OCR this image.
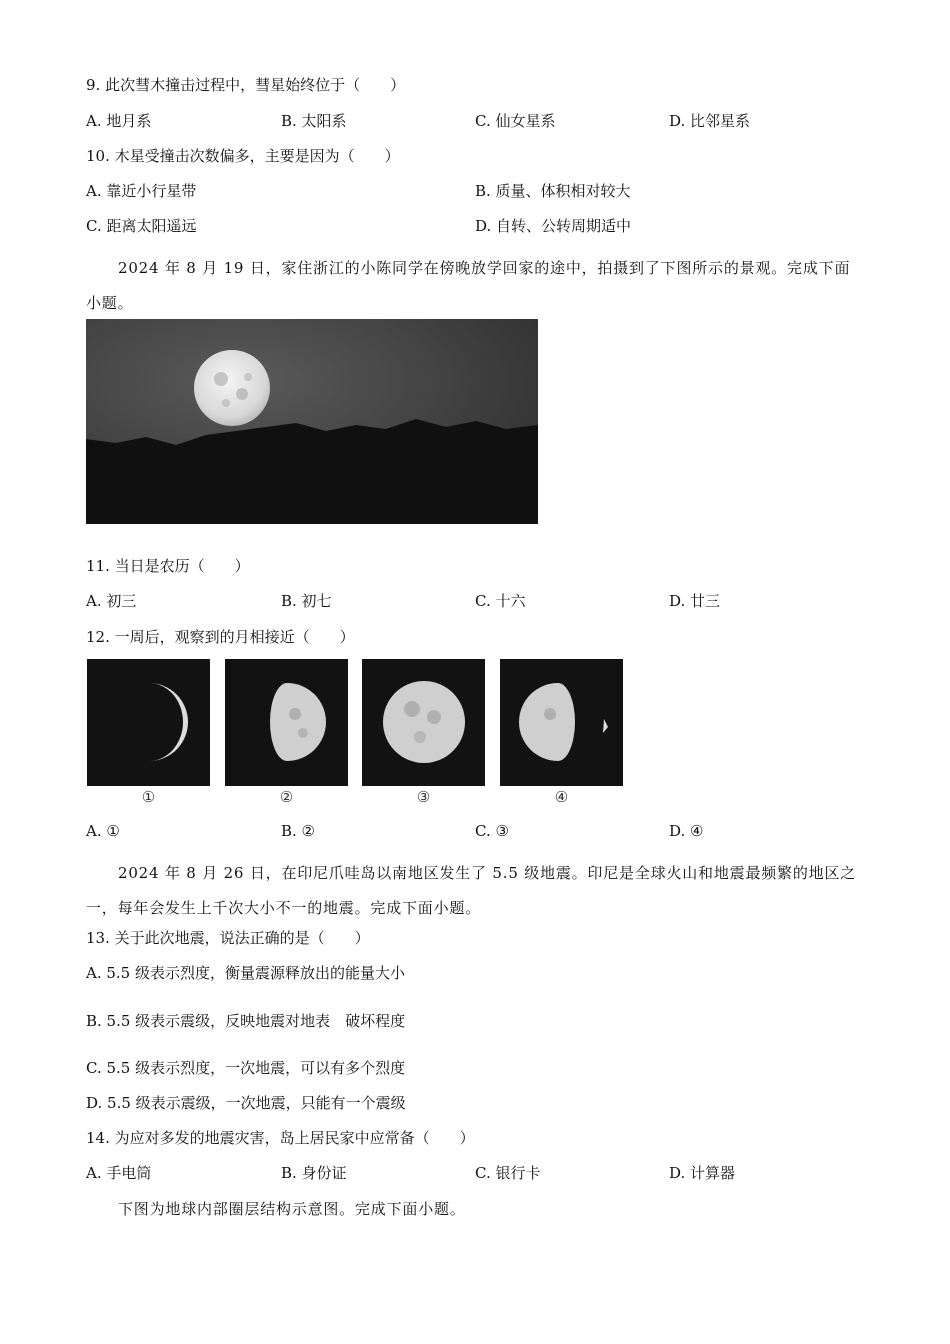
9. 此次彗木撞击过程中，彗星始终位于（　　）
A. 地月系	B. 太阳系	C. 仙女星系	D. 比邻星系
10. 木星受撞击次数偏多，主要是因为（　　）
A. 靠近小行星带	B. 质量、体积相对较大
C. 距离太阳遥远	D. 自转、公转周期适中
2024 年 8 月 19 日，家住浙江的小陈同学在傍晚放学回家的途中，拍摄到了下图所示的景观。完成下面小题。
11. 当日是农历（　　）
A. 初三	B. 初七	C. 十六	D. 廿三
12. 一周后，观察到的月相接近（　　）
①	②	③	④
A. ①	B. ②	C. ③	D. ④
2024 年 8 月 26 日，在印尼爪哇岛以南地区发生了 5.5 级地震。印尼是全球火山和地震最频繁的地区之一，每年会发生上千次大小不一的地震。完成下面小题。
13. 关于此次地震，说法正确的是（　　）
A. 5.5 级表示烈度，衡量震源释放出的能量大小
B. 5.5 级表示震级，反映地震对地表　破坏程度
C. 5.5 级表示烈度，一次地震，可以有多个烈度
D. 5.5 级表示震级，一次地震，只能有一个震级
14. 为应对多发的地震灾害，岛上居民家中应常备（　　）
A. 手电筒	B. 身份证	C. 银行卡	D. 计算器
下图为地球内部圈层结构示意图。完成下面小题。
